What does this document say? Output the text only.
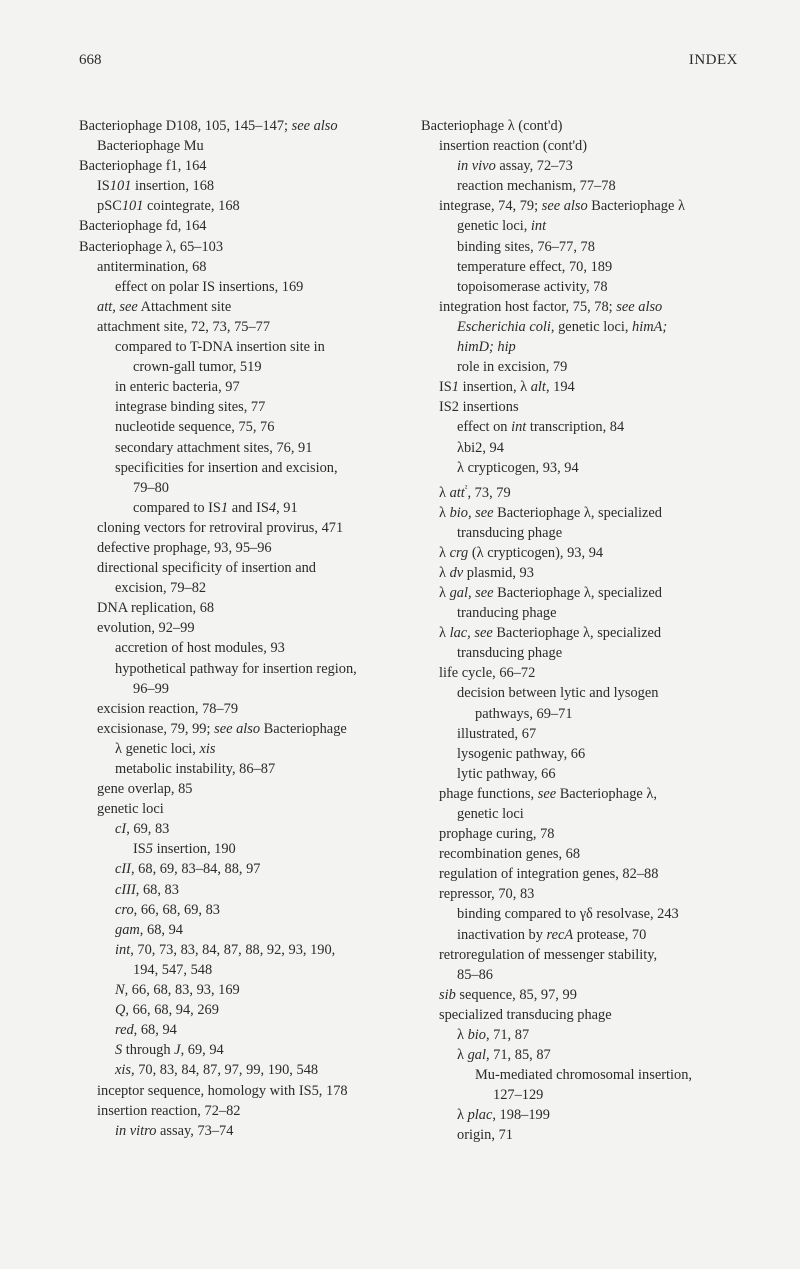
668	INDEX
Bacteriophage D108, 105, 145–147; see also
Bacteriophage Mu
Bacteriophage f1, 164
IS101 insertion, 168
pSC101 cointegrate, 168
Bacteriophage fd, 164
Bacteriophage λ, 65–103
antitermination, 68
effect on polar IS insertions, 169
att, see Attachment site
attachment site, 72, 73, 75–77
compared to T-DNA insertion site in
crown-gall tumor, 519
in enteric bacteria, 97
integrase binding sites, 77
nucleotide sequence, 75, 76
secondary attachment sites, 76, 91
specificities for insertion and excision,
79–80
compared to IS1 and IS4, 91
cloning vectors for retroviral provirus, 471
defective prophage, 93, 95–96
directional specificity of insertion and
excision, 79–82
DNA replication, 68
evolution, 92–99
accretion of host modules, 93
hypothetical pathway for insertion region,
96–99
excision reaction, 78–79
excisionase, 79, 99; see also Bacteriophage
λ genetic loci, xis
metabolic instability, 86–87
gene overlap, 85
genetic loci
cI, 69, 83
IS5 insertion, 190
cII, 68, 69, 83–84, 88, 97
cIII, 68, 83
cro, 66, 68, 69, 83
gam, 68, 94
int, 70, 73, 83, 84, 87, 88, 92, 93, 190,
194, 547, 548
N, 66, 68, 83, 93, 169
Q, 66, 68, 94, 269
red, 68, 94
S through J, 69, 94
xis, 70, 83, 84, 87, 97, 99, 190, 548
inceptor sequence, homology with IS5, 178
insertion reaction, 72–82
in vitro assay, 73–74
Bacteriophage λ (cont'd)
insertion reaction (cont'd)
in vivo assay, 72–73
reaction mechanism, 77–78
integrase, 74, 79; see also Bacteriophage λ
genetic loci, int
binding sites, 76–77, 78
temperature effect, 70, 189
topoisomerase activity, 78
integration host factor, 75, 78; see also
Escherichia coli, genetic loci, himA;
himD; hip
role in excision, 79
IS1 insertion, λ alt, 194
IS2 insertions
effect on int transcription, 84
λbi2, 94
λ crypticogen, 93, 94
λ att$^{^2}$, 73, 79
λ bio, see Bacteriophage λ, specialized
transducing phage
λ crg (λ crypticogen), 93, 94
λ dv plasmid, 93
λ gal, see Bacteriophage λ, specialized
tranducing phage
λ lac, see Bacteriophage λ, specialized
transducing phage
life cycle, 66–72
decision between lytic and lysogen
pathways, 69–71
illustrated, 67
lysogenic pathway, 66
lytic pathway, 66
phage functions, see Bacteriophage λ,
genetic loci
prophage curing, 78
recombination genes, 68
regulation of integration genes, 82–88
repressor, 70, 83
binding compared to γδ resolvase, 243
inactivation by recA protease, 70
retroregulation of messenger stability,
85–86
sib sequence, 85, 97, 99
specialized transducing phage
λ bio, 71, 87
λ gal, 71, 85, 87
Mu-mediated chromosomal insertion,
127–129
λ plac, 198–199
origin, 71
